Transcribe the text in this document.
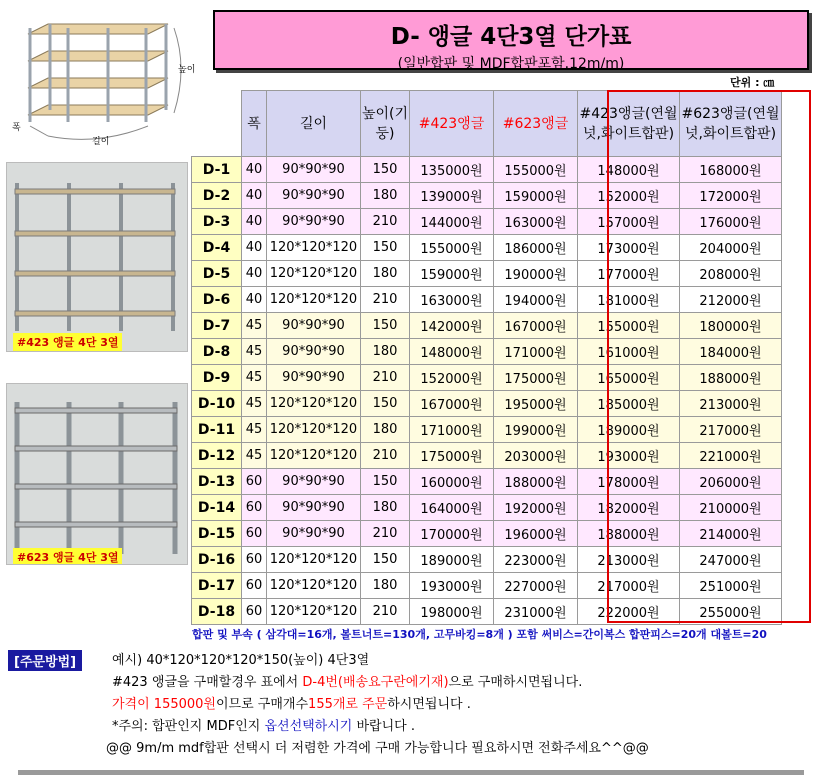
D- 앵글 4단3열 단가표
(일반합판 및 MDF합판포함.12m/m)
단위 : ㎝
높이
폭
길이
#423 앵글 4단 3열
#623 앵글 4단 3열
	폭	길이	높이(기둥)	#423앵글	#623앵글	#423앵글(연월넛,화이트합판)	#623앵글(연월넛,화이트합판)
D-1	40	90*90*90	150	135000원	155000원	148000원	168000원
D-2	40	90*90*90	180	139000원	159000원	152000원	172000원
D-3	40	90*90*90	210	144000원	163000원	157000원	176000원
D-4	40	120*120*120	150	155000원	186000원	173000원	204000원
D-5	40	120*120*120	180	159000원	190000원	177000원	208000원
D-6	40	120*120*120	210	163000원	194000원	181000원	212000원
D-7	45	90*90*90	150	142000원	167000원	155000원	180000원
D-8	45	90*90*90	180	148000원	171000원	161000원	184000원
D-9	45	90*90*90	210	152000원	175000원	165000원	188000원
D-10	45	120*120*120	150	167000원	195000원	185000원	213000원
D-11	45	120*120*120	180	171000원	199000원	189000원	217000원
D-12	45	120*120*120	210	175000원	203000원	193000원	221000원
D-13	60	90*90*90	150	160000원	188000원	178000원	206000원
D-14	60	90*90*90	180	164000원	192000원	182000원	210000원
D-15	60	90*90*90	210	170000원	196000원	188000원	214000원
D-16	60	120*120*120	150	189000원	223000원	213000원	247000원
D-17	60	120*120*120	180	193000원	227000원	217000원	251000원
D-18	60	120*120*120	210	198000원	231000원	222000원	255000원
합판 및 부속 ( 삼각대=16개, 볼트너트=130개, 고무바킹=8개 ) 포함 써비스=간이복스 합판피스=20개 대볼트=20
[주문방법]	예시) 40*120*120*120*150(높이) 4단3열
#423 앵글을 구매할경우 표에서 D-4번(배송요구란에기재)으로 구매하시면됩니다.
가격이 155000원이므로 구매개수155개로 주문하시면됩니다 .
*주의: 합판인지 MDF인지 옵션선택하시기 바랍니다 .
@@ 9m/m mdf합판 선택시 더 저렴한 가격에 구매 가능합니다 필요하시면 전화주세요^^@@
